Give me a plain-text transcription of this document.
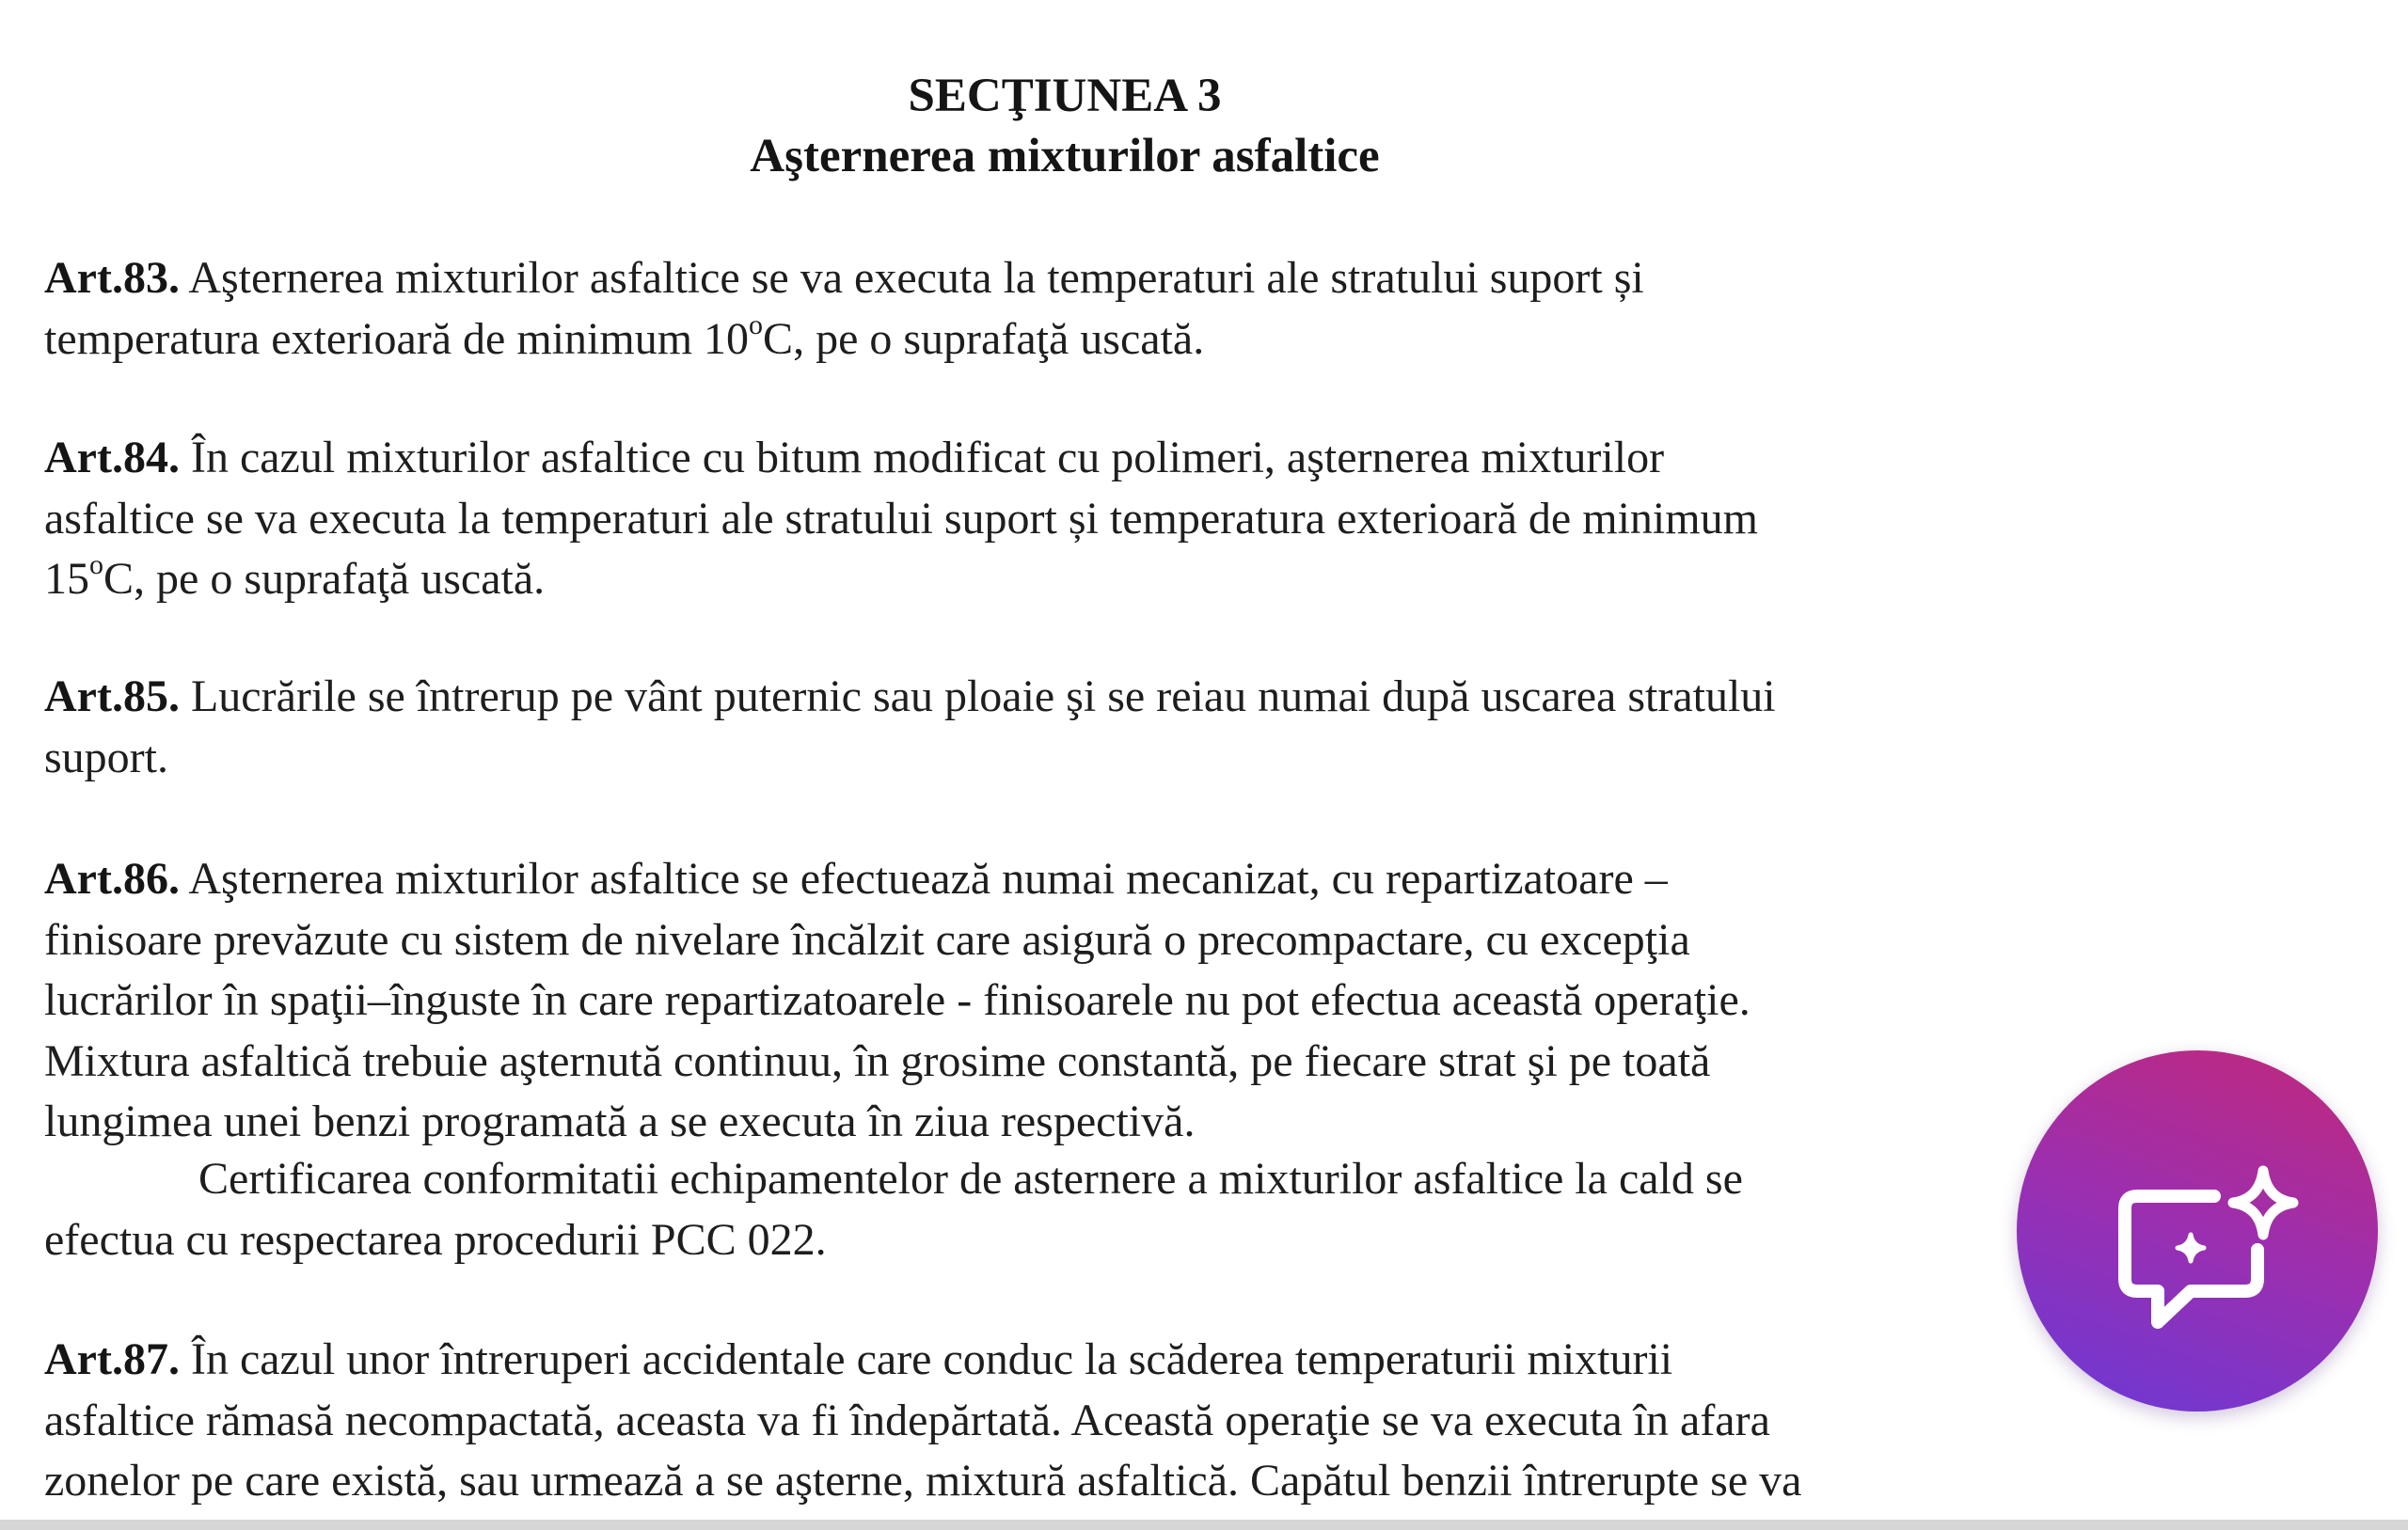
SECŢIUNEA 3
Aşternerea mixturilor asfaltice
Art.83. Aşternerea mixturilor asfaltice se va executa la temperaturi ale stratului suport și
temperatura exterioară de minimum 10$^o$C, pe o suprafaţă uscată.
Art.84. În cazul mixturilor asfaltice cu bitum modificat cu polimeri, aşternerea mixturilor
asfaltice se va executa la temperaturi ale stratului suport și temperatura exterioară de minimum
15$^o$C, pe o suprafaţă uscată.
Art.85. Lucrările se întrerup pe vânt puternic sau ploaie şi se reiau numai după uscarea stratului
suport.
Art.86. Aşternerea mixturilor asfaltice se efectuează numai mecanizat, cu repartizatoare –
finisoare prevăzute cu sistem de nivelare încălzit care asigură o precompactare, cu excepţia
lucrărilor în spaţii–înguste în care repartizatoarele - finisoarele nu pot efectua această operaţie.
Mixtura asfaltică trebuie aşternută continuu, în grosime constantă, pe fiecare strat şi pe toată
lungimea unei benzi programată a se executa în ziua respectivă.
Certificarea conformitatii echipamentelor de asternere a mixturilor asfaltice la cald se
efectua cu respectarea procedurii PCC 022.
Art.87. În cazul unor întreruperi accidentale care conduc la scăderea temperaturii mixturii
asfaltice rămasă necompactată, aceasta va fi îndepărtată. Această operaţie se va executa în afara
zonelor pe care există, sau urmează a se aşterne, mixtură asfaltică. Capătul benzii întrerupte se va
